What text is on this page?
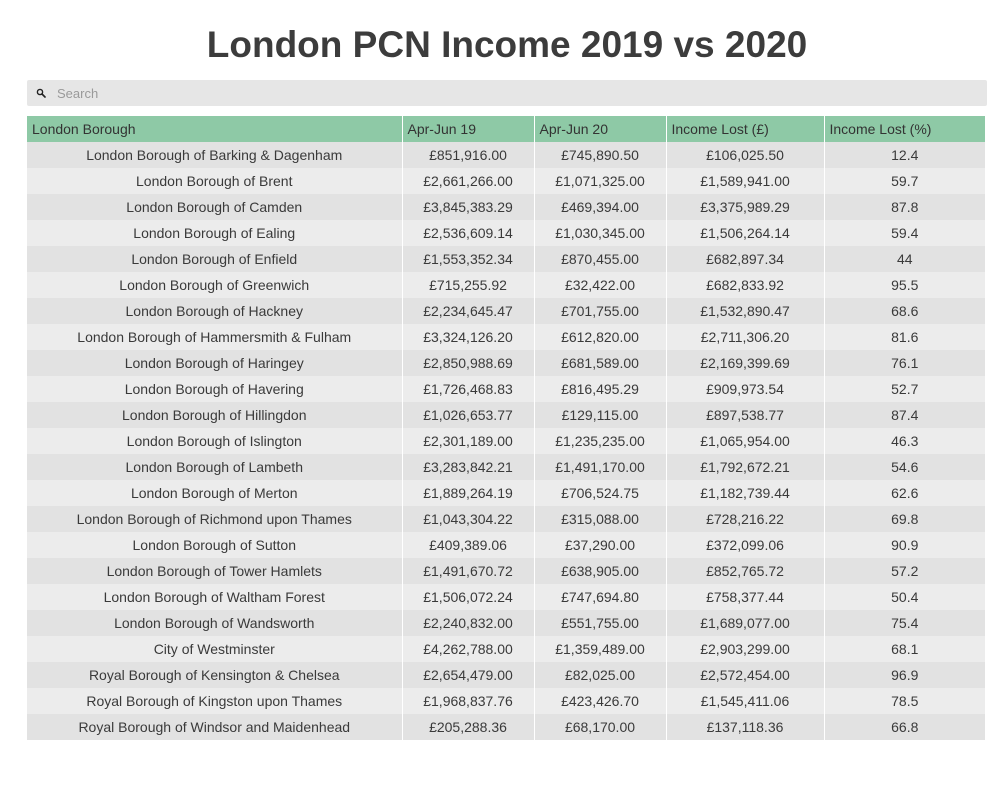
London PCN Income 2019 vs 2020
Search
London Borough	Apr-Jun 19	Apr-Jun 20	Income Lost (£)	Income Lost (%)
London Borough of Barking & Dagenham	£851,916.00	£745,890.50	£106,025.50	12.4
London Borough of Brent	£2,661,266.00	£1,071,325.00	£1,589,941.00	59.7
London Borough of Camden	£3,845,383.29	£469,394.00	£3,375,989.29	87.8
London Borough of Ealing	£2,536,609.14	£1,030,345.00	£1,506,264.14	59.4
London Borough of Enfield	£1,553,352.34	£870,455.00	£682,897.34	44
London Borough of Greenwich	£715,255.92	£32,422.00	£682,833.92	95.5
London Borough of Hackney	£2,234,645.47	£701,755.00	£1,532,890.47	68.6
London Borough of Hammersmith & Fulham	£3,324,126.20	£612,820.00	£2,711,306.20	81.6
London Borough of Haringey	£2,850,988.69	£681,589.00	£2,169,399.69	76.1
London Borough of Havering	£1,726,468.83	£816,495.29	£909,973.54	52.7
London Borough of Hillingdon	£1,026,653.77	£129,115.00	£897,538.77	87.4
London Borough of Islington	£2,301,189.00	£1,235,235.00	£1,065,954.00	46.3
London Borough of Lambeth	£3,283,842.21	£1,491,170.00	£1,792,672.21	54.6
London Borough of Merton	£1,889,264.19	£706,524.75	£1,182,739.44	62.6
London Borough of Richmond upon Thames	£1,043,304.22	£315,088.00	£728,216.22	69.8
London Borough of Sutton	£409,389.06	£37,290.00	£372,099.06	90.9
London Borough of Tower Hamlets	£1,491,670.72	£638,905.00	£852,765.72	57.2
London Borough of Waltham Forest	£1,506,072.24	£747,694.80	£758,377.44	50.4
London Borough of Wandsworth	£2,240,832.00	£551,755.00	£1,689,077.00	75.4
City of Westminster	£4,262,788.00	£1,359,489.00	£2,903,299.00	68.1
Royal Borough of Kensington & Chelsea	£2,654,479.00	£82,025.00	£2,572,454.00	96.9
Royal Borough of Kingston upon Thames	£1,968,837.76	£423,426.70	£1,545,411.06	78.5
Royal Borough of Windsor and Maidenhead	£205,288.36	£68,170.00	£137,118.36	66.8
